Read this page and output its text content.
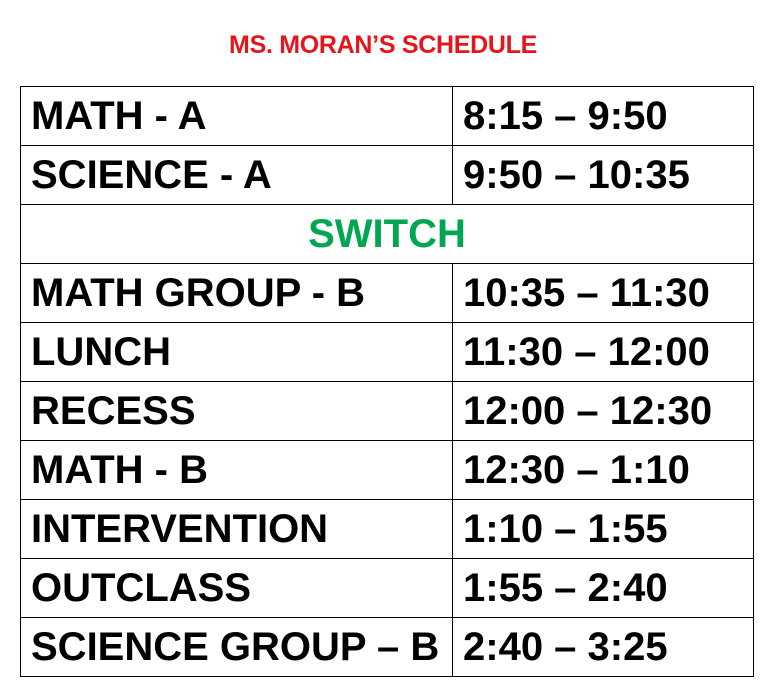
MS. MORAN’S SCHEDULE
MATH - A	8:15 – 9:50
SCIENCE - A	9:50 – 10:35
SWITCH	
MATH GROUP - B	10:35 – 11:30
LUNCH	11:30 – 12:00
RECESS	12:00 – 12:30
MATH - B	12:30 – 1:10
INTERVENTION	1:10 – 1:55
OUTCLASS	1:55 – 2:40
SCIENCE GROUP – B	2:40 – 3:25
